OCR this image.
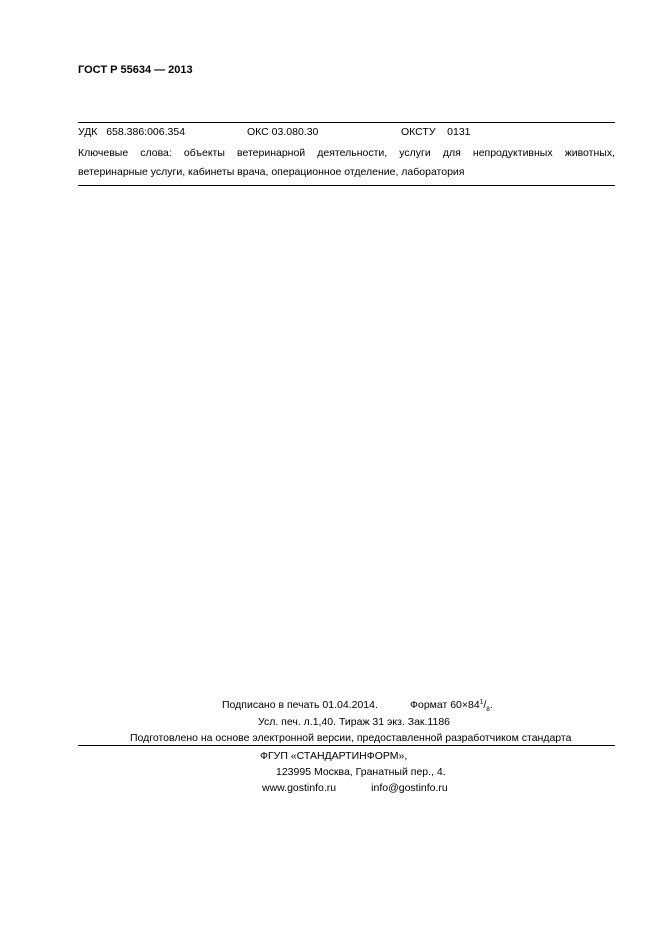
ГОСТ Р 55634 — 2013
УДК 658.386:006.354	ОКС 03.080.30	ОКСТУ 0131
Ключевые слова: объекты ветеринарной деятельности, услуги для непродуктивных животных,
ветеринарные услуги, кабинеты врача, операционное отделение, лаборатория
Подписано в печать 01.04.2014.	Формат $60\times 84^1/_8$.
Усл. печ. л.1,40. Тираж 31 экз. Зак.1186
Подготовлено на основе электронной версии, предоставленной разработчиком стандарта
ФГУП «СТАНДАРТИНФОРМ»,
123995 Москва, Гранатный пер., 4.
www.gostinfo.ru	info@gostinfo.ru
